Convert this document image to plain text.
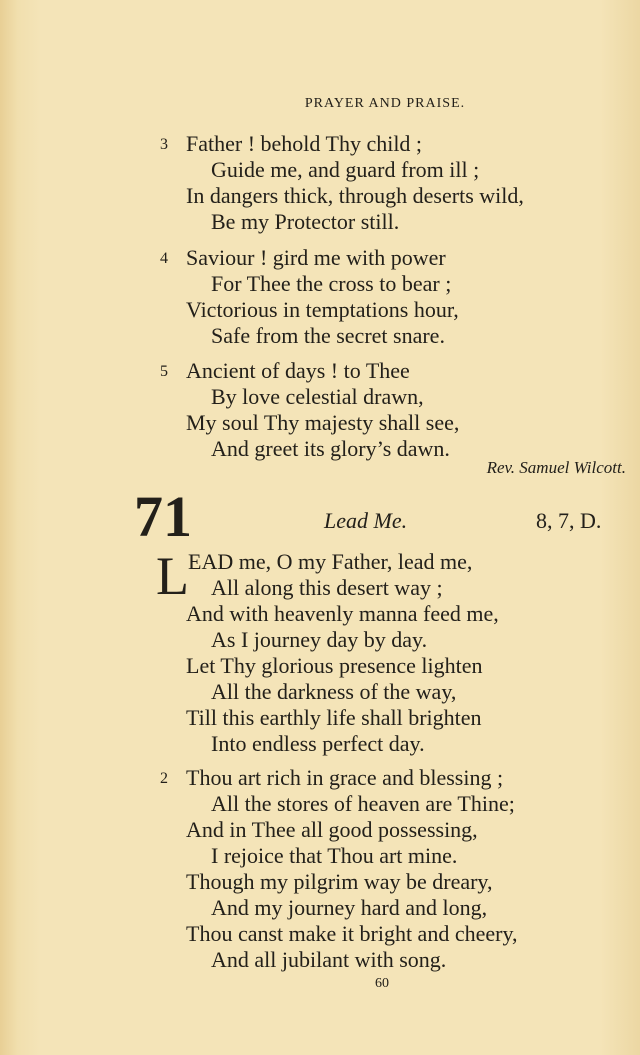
PRAYER AND PRAISE.
3 Father ! behold Thy child ;
Guide me, and guard from ill ;
In dangers thick, through deserts wild,
Be my Protector still.
4 Saviour ! gird me with power
For Thee the cross to bear ;
Victorious in temptations hour,
Safe from the secret snare.
5 Ancient of days ! to Thee
By love celestial drawn,
My soul Thy majesty shall see,
And greet its glory’s dawn.
Rev. Samuel Wilcott.
71	Lead Me.	8, 7, D.
L EAD me, O my Father, lead me,
All along this desert way ;
And with heavenly manna feed me,
As I journey day by day.
Let Thy glorious presence lighten
All the darkness of the way,
Till this earthly life shall brighten
Into endless perfect day.
2 Thou art rich in grace and blessing ;
All the stores of heaven are Thine;
And in Thee all good possessing,
I rejoice that Thou art mine.
Though my pilgrim way be dreary,
And my journey hard and long,
Thou canst make it bright and cheery,
And all jubilant with song.
60
